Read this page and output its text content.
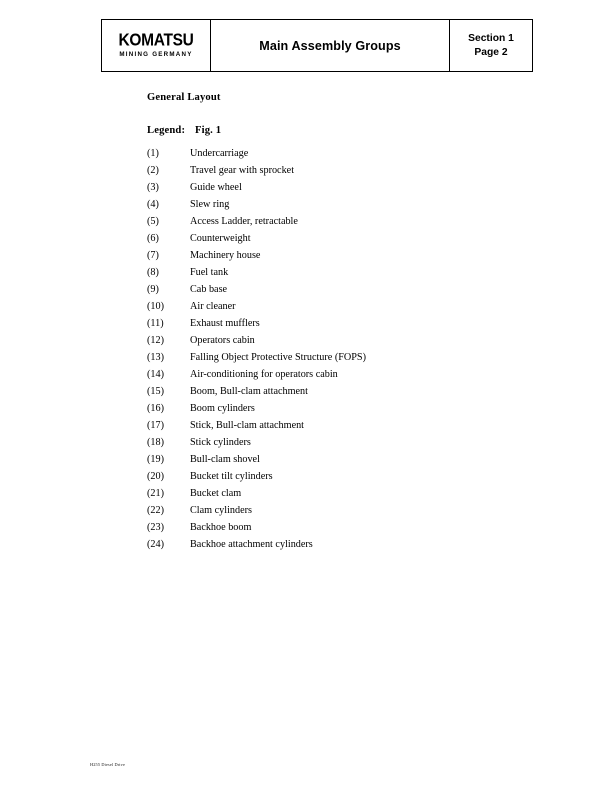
KOMATSU
MINING GERMANY
Main Assembly Groups	Section 1
Page 2
General Layout
Legend: Fig. 1
(1)	Undercarriage
(2)	Travel gear with sprocket
(3)	Guide wheel
(4)	Slew ring
(5)	Access Ladder, retractable
(6)	Counterweight
(7)	Machinery house
(8)	Fuel tank
(9)	Cab base
(10)	Air cleaner
(11)	Exhaust mufflers
(12)	Operators cabin
(13)	Falling Object Protective Structure (FOPS)
(14)	Air-conditioning for operators cabin
(15)	Boom, Bull-clam attachment
(16)	Boom cylinders
(17)	Stick, Bull-clam attachment
(18)	Stick cylinders
(19)	Bull-clam shovel
(20)	Bucket tilt cylinders
(21)	Bucket clam
(22)	Clam cylinders
(23)	Backhoe boom
(24)	Backhoe attachment cylinders
H255 Diesel Drive
